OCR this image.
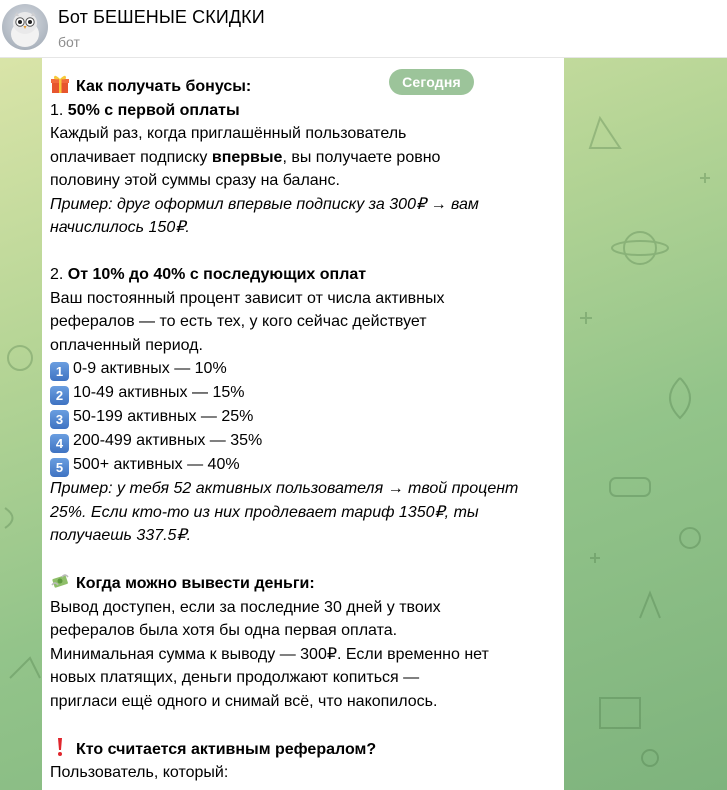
Бот БЕШЕНЫЕ СКИДКИ
бот
Сегодня

Как получать бонусы:

1. 50% с первой оплаты

Каждый раз, когда приглашённый пользователь

оплачивает подписку впервые, вы получаете ровно

половину этой суммы сразу на баланс.

Пример: друг оформил впервые подписку за 300₽ → вам

начислилось 150₽.

2. От 10% до 40% с последующих оплат

Ваш постоянный процент зависит от числа активных

рефералов — то есть тех, у кого сейчас действует

оплаченный период.

1 0-9 активных — 10%

2 10-49 активных — 15%

3 50-199 активных — 25%

4 200-499 активных — 35%

5 500+ активных — 40%

Пример: у тебя 52 активных пользователя → твой процент

25%. Если кто-то из них продлевает тариф 1350₽, ты

получаешь 337.5₽.

Когда можно вывести деньги:

Вывод доступен, если за последние 30 дней у твоих

рефералов была хотя бы одна первая оплата.

Минимальная сумма к выводу — 300₽. Если временно нет

новых платящих, деньги продолжают копиться —

пригласи ещё одного и снимай всё, что накопилось.

Кто считается активным рефералом?

Пользователь, который:
